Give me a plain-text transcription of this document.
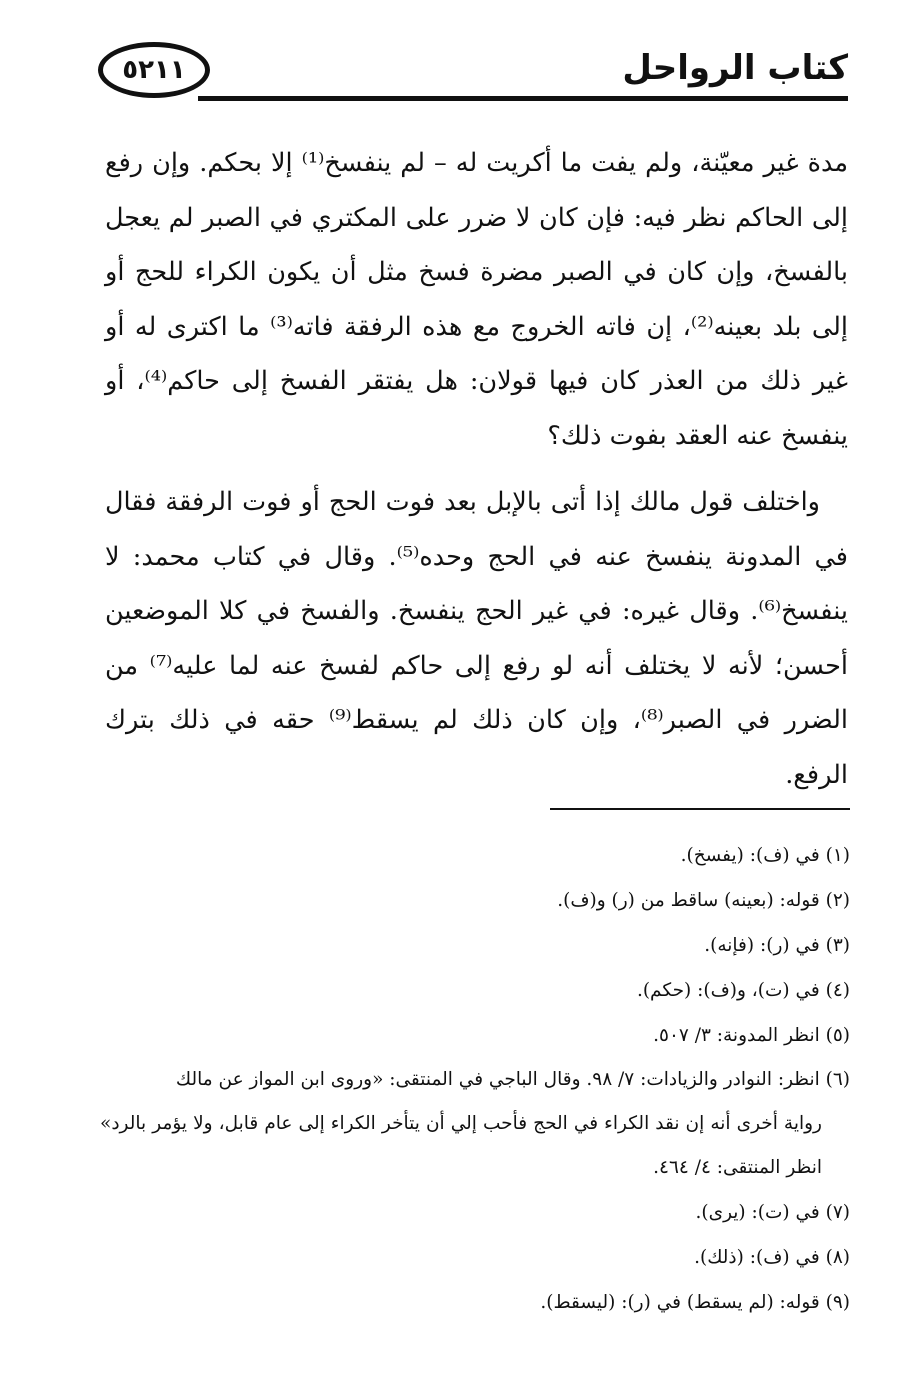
كتاب الرواحل
٥٢١١

مدة غير معيّنة، ولم يفت ما أكريت له – لم ينفسخ⁽¹⁾ إلا بحكم. وإن رفع إلى الحاكم نظر فيه: فإن كان لا ضرر على المكتري في الصبر لم يعجل بالفسخ، وإن كان في الصبر مضرة فسخ مثل أن يكون الكراء للحج أو إلى بلد بعينه⁽²⁾، إن فاته الخروج مع هذه الرفقة فاته⁽³⁾ ما اكترى له أو غير ذلك من العذر كان فيها قولان: هل يفتقر الفسخ إلى حاكم⁽⁴⁾، أو ينفسخ عنه العقد بفوت ذلك؟

واختلف قول مالك إذا أتى بالإبل بعد فوت الحج أو فوت الرفقة فقال في المدونة ينفسخ عنه في الحج وحده⁽⁵⁾. وقال في كتاب محمد: لا ينفسخ⁽⁶⁾. وقال غيره: في غير الحج ينفسخ. والفسخ في كلا الموضعين أحسن؛ لأنه لا يختلف أنه لو رفع إلى حاكم لفسخ عنه لما عليه⁽⁷⁾ من الضرر في الصبر⁽⁸⁾، وإن كان ذلك لم يسقط⁽⁹⁾ حقه في ذلك بترك الرفع.

(١) في (ف): (يفسخ).

(٢) قوله: (بعينه) ساقط من (ر) و(ف).

(٣) في (ر): (فإنه).

(٤) في (ت)، و(ف): (حكم).

(٥) انظر المدونة: ٣/ ٥٠٧.

(٦) انظر: النوادر والزيادات: ٧/ ٩٨. وقال الباجي في المنتقى: «وروى ابن المواز عن مالك
رواية أخرى أنه إن نقد الكراء في الحج فأحب إلي أن يتأخر الكراء إلى عام قابل، ولا يؤمر بالرد» انظر المنتقى: ٤/ ٤٦٤.

(٧) في (ت): (يرى).

(٨) في (ف): (ذلك).

(٩) قوله: (لم يسقط) في (ر): (ليسقط).
